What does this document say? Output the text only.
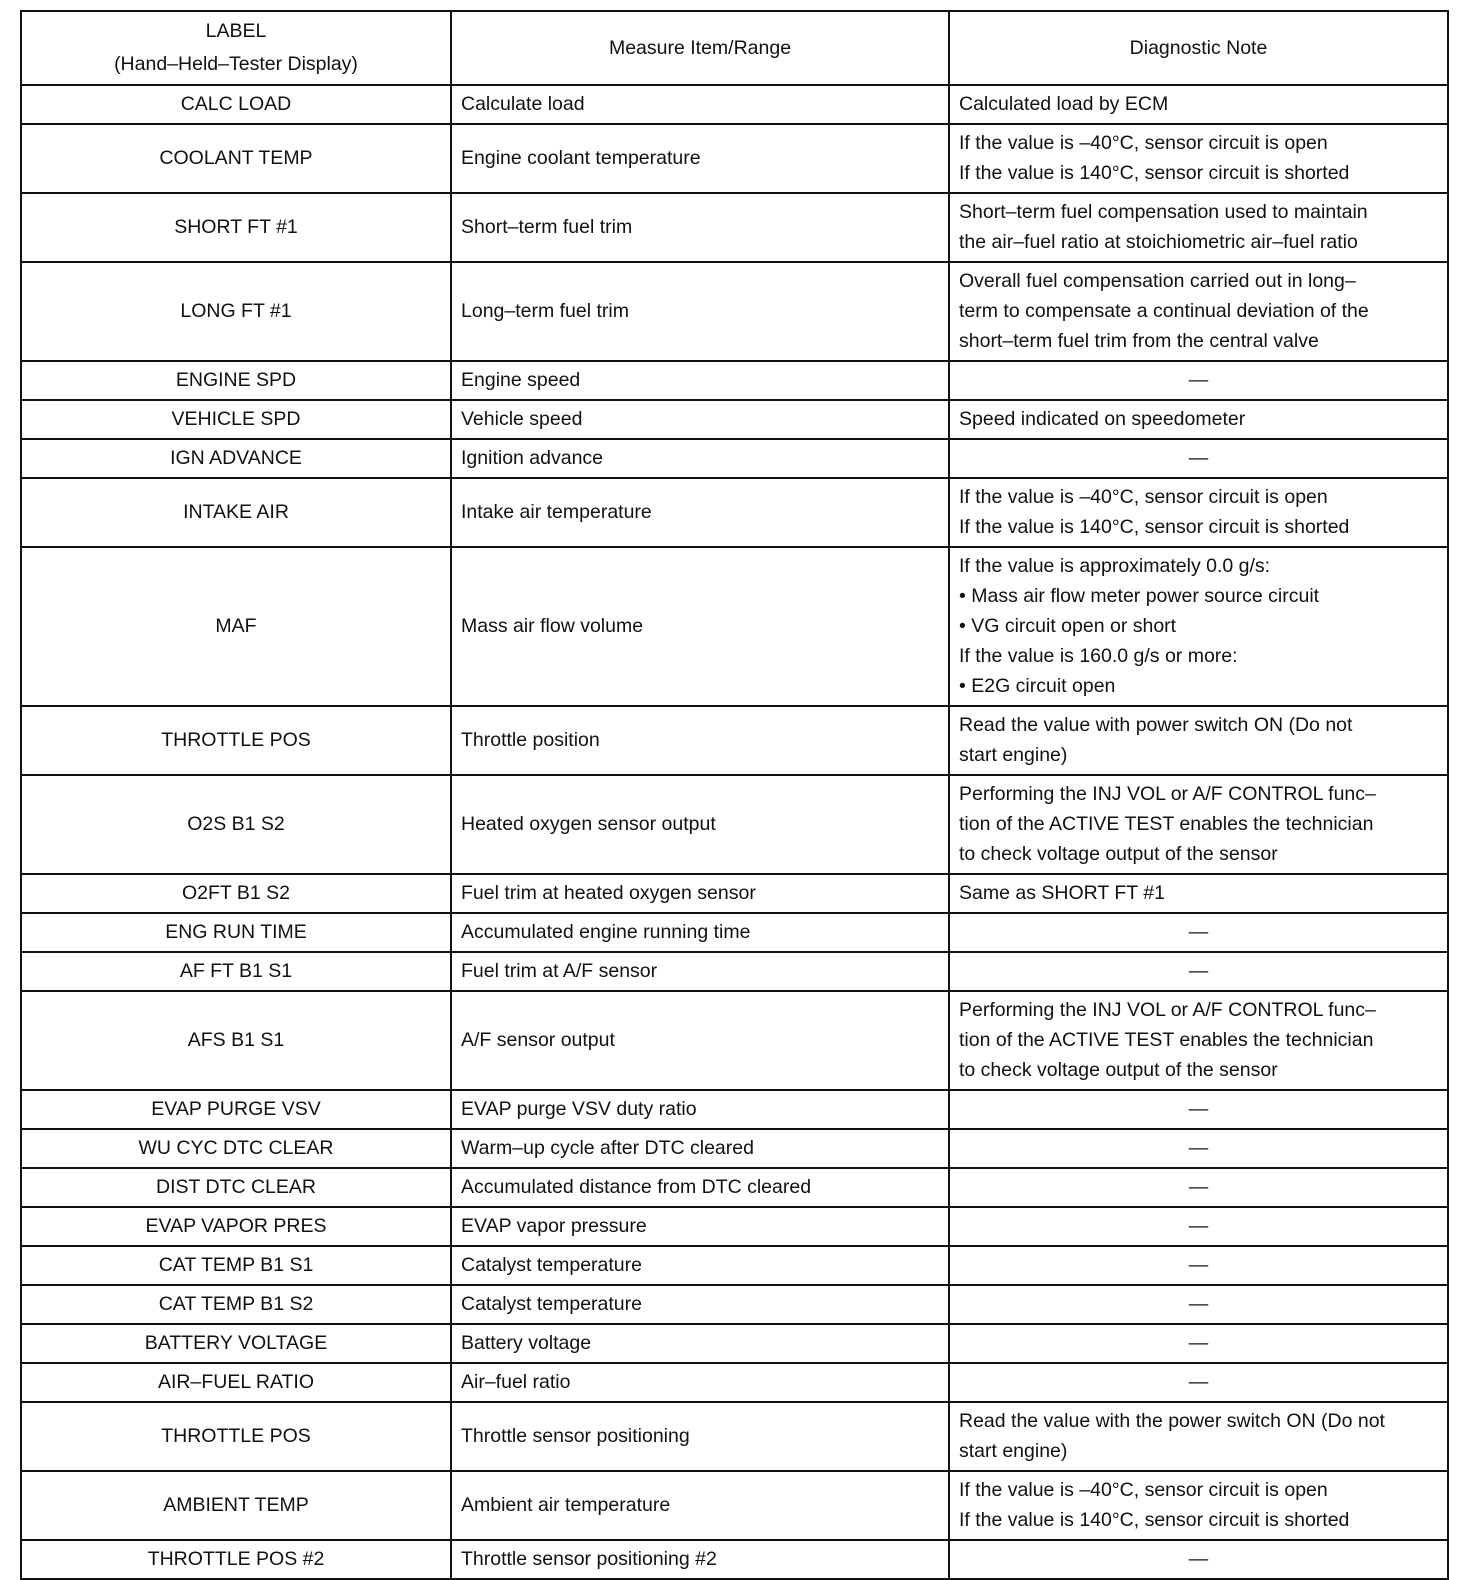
LABEL
(Hand–Held–Tester Display)	Measure Item/Range	Diagnostic Note
CALC LOAD	Calculate load	Calculated load by ECM

COOLANT TEMP	Engine coolant temperature	If the value is –40°C, sensor circuit is open
If the value is 140°C, sensor circuit is shorted

SHORT FT #1	Short–term fuel trim	Short–term fuel compensation used to maintain
the air–fuel ratio at stoichiometric air–fuel ratio

LONG FT #1	Long–term fuel trim	Overall fuel compensation carried out in long–
term to compensate a continual deviation of the
short–term fuel trim from the central valve

ENGINE SPD	Engine speed	—

VEHICLE SPD	Vehicle speed	Speed indicated on speedometer

IGN ADVANCE	Ignition advance	—

INTAKE AIR	Intake air temperature	If the value is –40°C, sensor circuit is open
If the value is 140°C, sensor circuit is shorted

MAF	Mass air flow volume	If the value is approximately 0.0 g/s:
• Mass air flow meter power source circuit
• VG circuit open or short
If the value is 160.0 g/s or more:
• E2G circuit open

THROTTLE POS	Throttle position	Read the value with power switch ON (Do not
start engine)

O2S B1 S2	Heated oxygen sensor output	Performing the INJ VOL or A/F CONTROL func–
tion of the ACTIVE TEST enables the technician
to check voltage output of the sensor

O2FT B1 S2	Fuel trim at heated oxygen sensor	Same as SHORT FT #1

ENG RUN TIME	Accumulated engine running time	—

AF FT B1 S1	Fuel trim at A/F sensor	—

AFS B1 S1	A/F sensor output	Performing the INJ VOL or A/F CONTROL func–
tion of the ACTIVE TEST enables the technician
to check voltage output of the sensor

EVAP PURGE VSV	EVAP purge VSV duty ratio	—

WU CYC DTC CLEAR	Warm–up cycle after DTC cleared	—

DIST DTC CLEAR	Accumulated distance from DTC cleared	—

EVAP VAPOR PRES	EVAP vapor pressure	—

CAT TEMP B1 S1	Catalyst temperature	—

CAT TEMP B1 S2	Catalyst temperature	—

BATTERY VOLTAGE	Battery voltage	—

AIR–FUEL RATIO	Air–fuel ratio	—

THROTTLE POS	Throttle sensor positioning	Read the value with the power switch ON (Do not
start engine)

AMBIENT TEMP	Ambient air temperature	If the value is –40°C, sensor circuit is open
If the value is 140°C, sensor circuit is shorted

THROTTLE POS #2	Throttle sensor positioning #2	—
